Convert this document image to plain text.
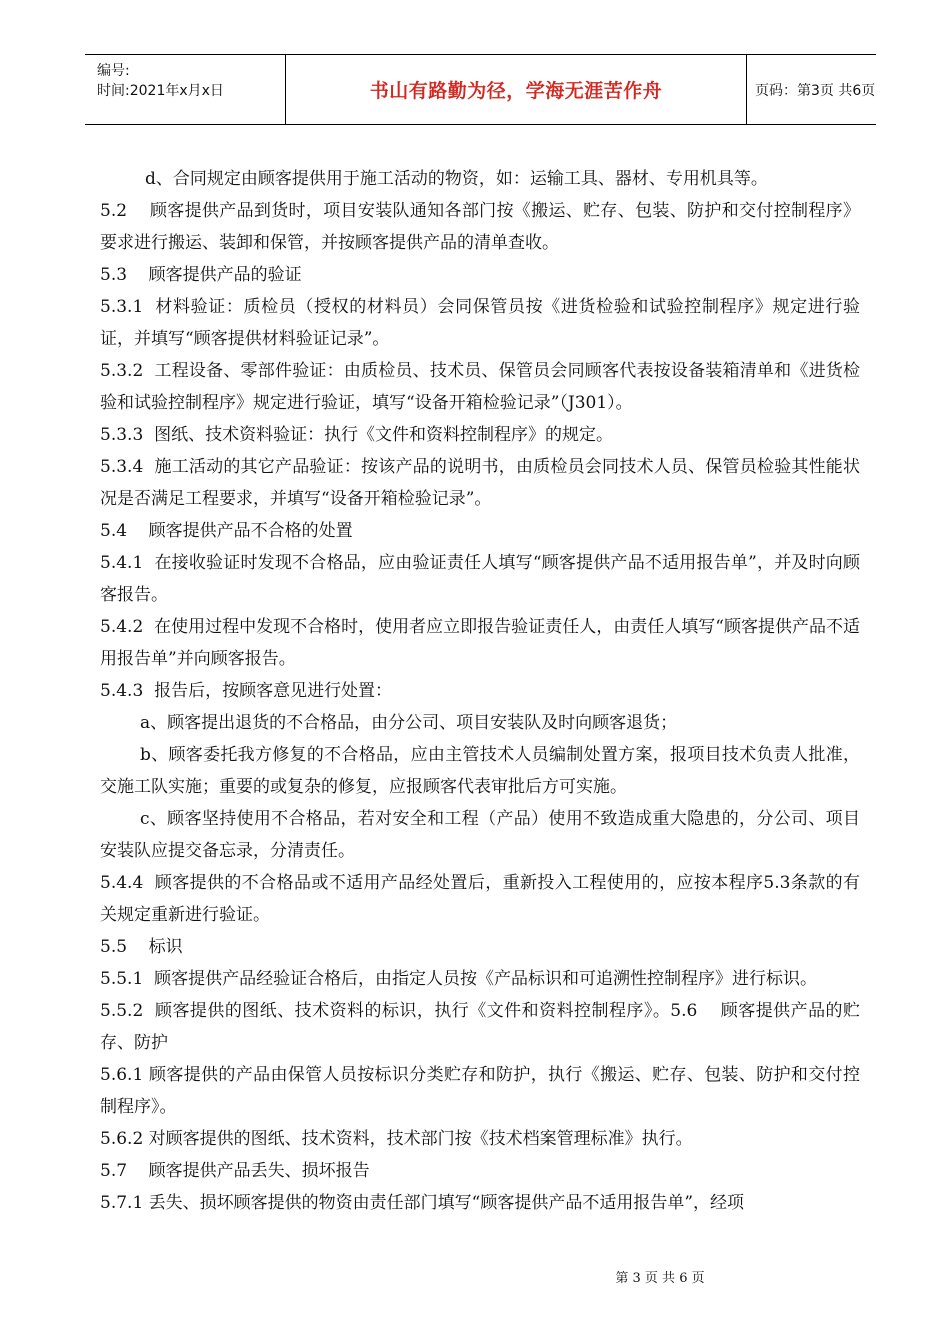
编号:
时间:2021年x月x日	书山有路勤为径，学海无涯苦作舟	页码：第3页 共6页

d、合同规定由顾客提供用于施工活动的物资，如：运输工具、器材、专用机具等。

5.2    顾客提供产品到货时，项目安装队通知各部门按《搬运、贮存、包装、防护和交付控制程序》要求进行搬运、装卸和保管，并按顾客提供产品的清单查收。

5.3    顾客提供产品的验证

5.3.1  材料验证：质检员（授权的材料员）会同保管员按《进货检验和试验控制程序》规定进行验证，并填写“顾客提供材料验证记录”。

5.3.2  工程设备、零部件验证：由质检员、技术员、保管员会同顾客代表按设备装箱清单和《进货检验和试验控制程序》规定进行验证，填写“设备开箱检验记录”（J301）。

5.3.3  图纸、技术资料验证：执行《文件和资料控制程序》的规定。

5.3.4  施工活动的其它产品验证：按该产品的说明书，由质检员会同技术人员、保管员检验其性能状况是否满足工程要求，并填写“设备开箱检验记录”。

5.4    顾客提供产品不合格的处置

5.4.1  在接收验证时发现不合格品，应由验证责任人填写“顾客提供产品不适用报告单”，并及时向顾客报告。

5.4.2  在使用过程中发现不合格时，使用者应立即报告验证责任人，由责任人填写“顾客提供产品不适用报告单”并向顾客报告。

5.4.3  报告后，按顾客意见进行处置：

a、顾客提出退货的不合格品，由分公司、项目安装队及时向顾客退货；

b、顾客委托我方修复的不合格品，应由主管技术人员编制处置方案，报项目技术负责人批准，交施工队实施；重要的或复杂的修复，应报顾客代表审批后方可实施。

c、顾客坚持使用不合格品，若对安全和工程（产品）使用不致造成重大隐患的，分公司、项目安装队应提交备忘录，分清责任。

5.4.4  顾客提供的不合格品或不适用产品经处置后，重新投入工程使用的，应按本程序5.3条款的有关规定重新进行验证。

5.5    标识

5.5.1  顾客提供产品经验证合格后，由指定人员按《产品标识和可追溯性控制程序》进行标识。

5.5.2  顾客提供的图纸、技术资料的标识，执行《文件和资料控制程序》。5.6    顾客提供产品的贮存、防护

5.6.1 顾客提供的产品由保管人员按标识分类贮存和防护，执行《搬运、贮存、包装、防护和交付控制程序》。

5.6.2 对顾客提供的图纸、技术资料，技术部门按《技术档案管理标准》执行。

5.7    顾客提供产品丢失、损坏报告

5.7.1 丢失、损坏顾客提供的物资由责任部门填写“顾客提供产品不适用报告单”，经项

第 3 页 共 6 页
